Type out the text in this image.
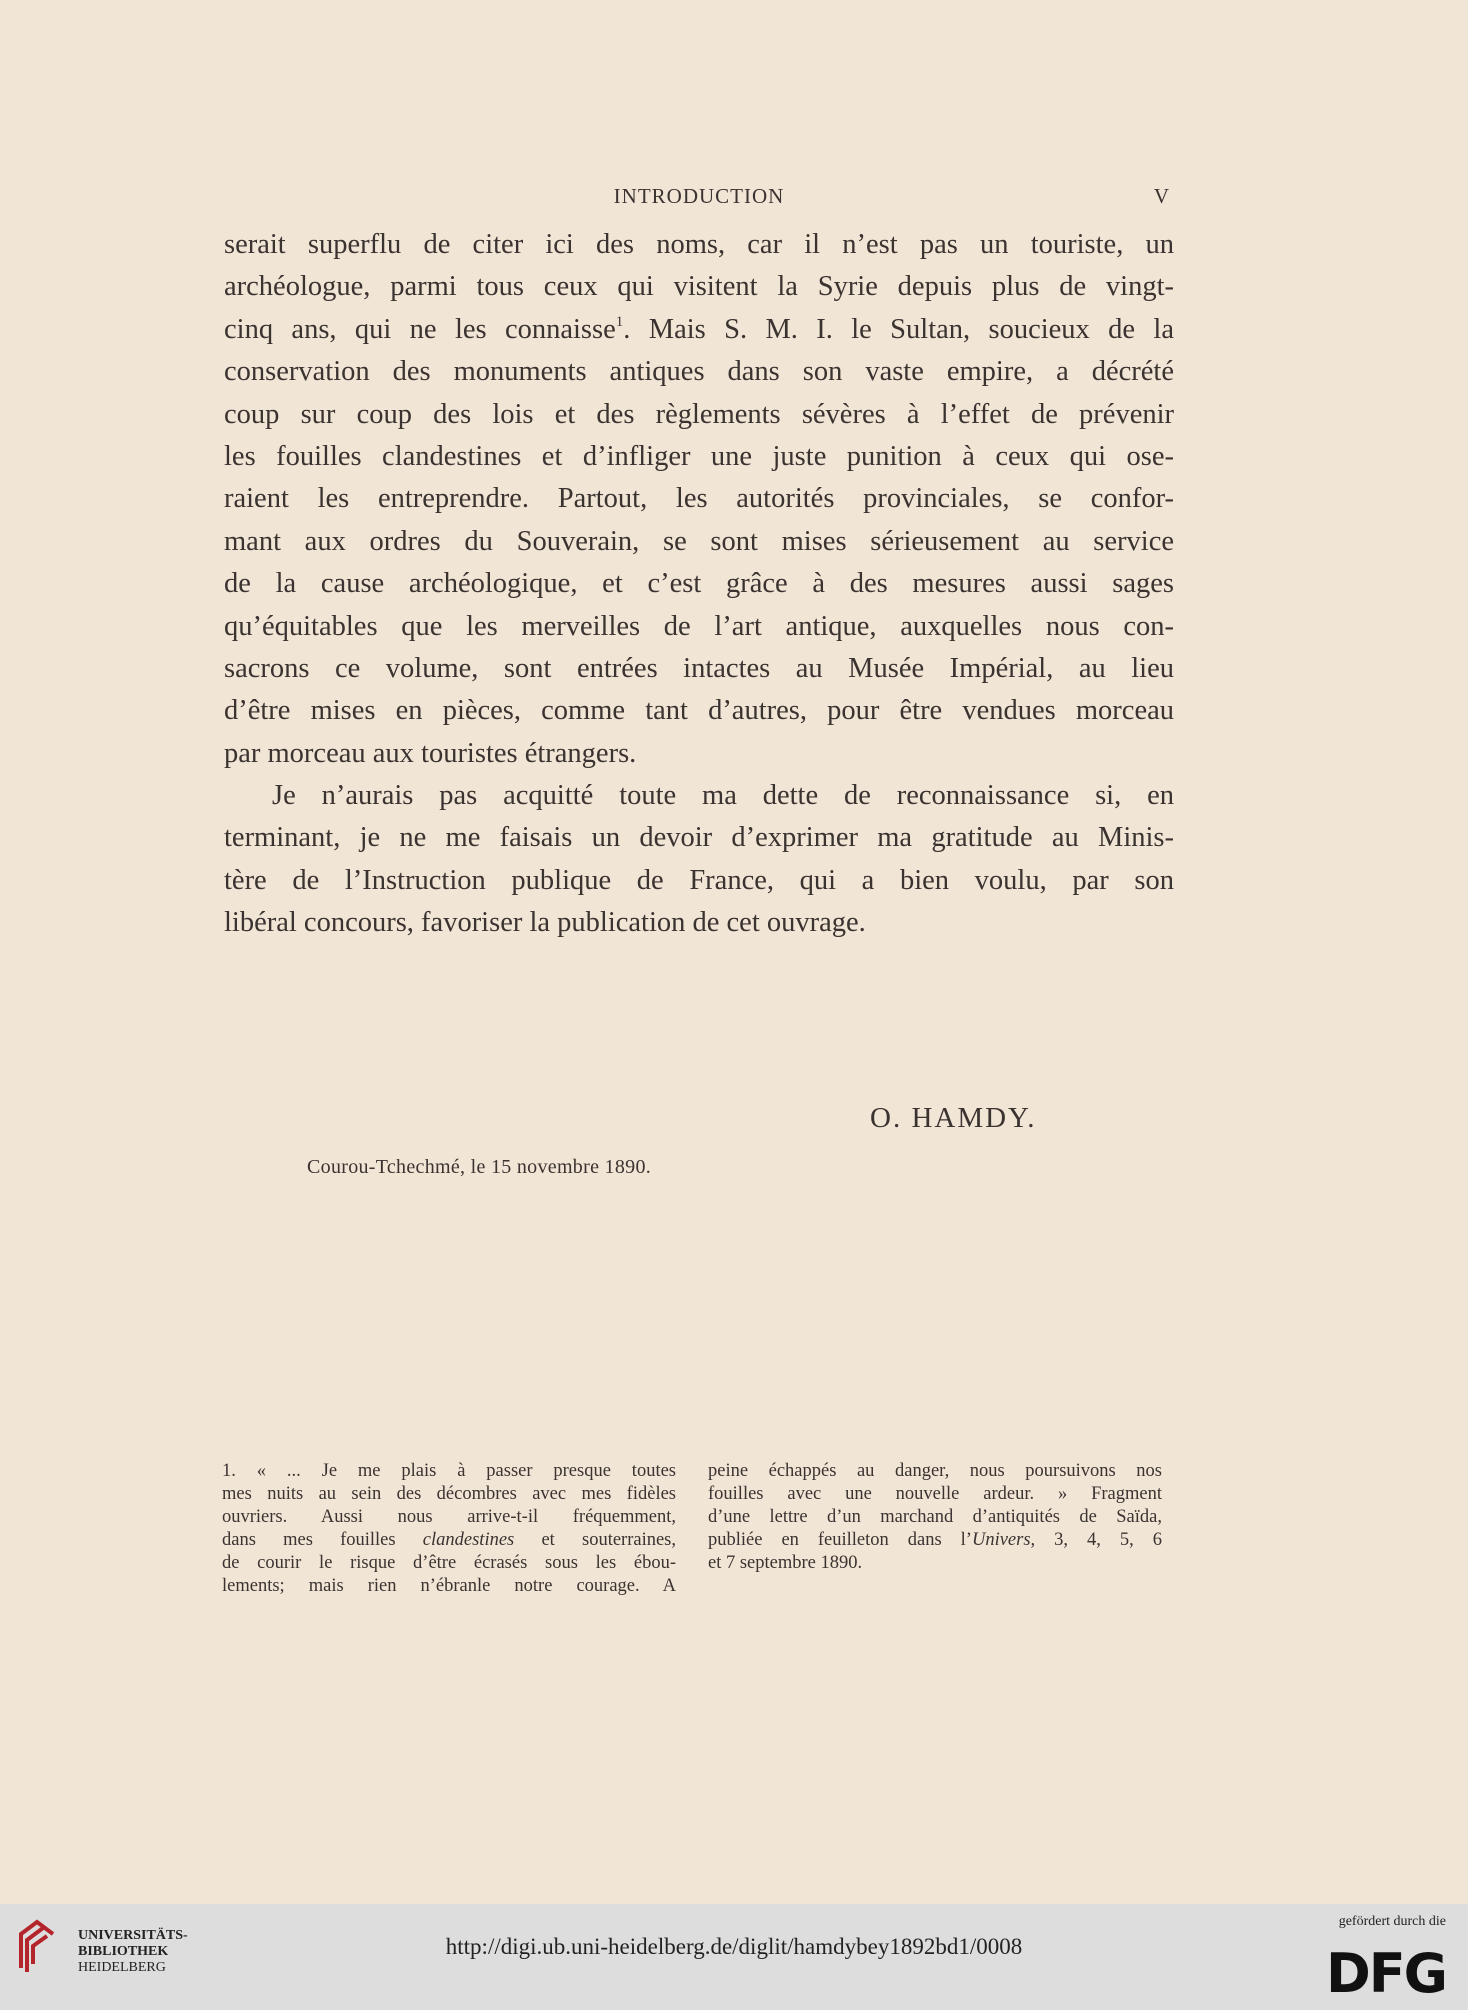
INTRODUCTION	V
serait superflu de citer ici des noms, car il n’est pas un touriste, un
archéologue, parmi tous ceux qui visitent la Syrie depuis plus de vingt-
cinq ans, qui ne les connaisse$^1$. Mais S. M. I. le Sultan, soucieux de la
conservation des monuments antiques dans son vaste empire, a décrété
coup sur coup des lois et des règlements sévères à l’effet de prévenir
les fouilles clandestines et d’infliger une juste punition à ceux qui ose-
raient les entreprendre. Partout, les autorités provinciales, se confor-
mant aux ordres du Souverain, se sont mises sérieusement au service
de la cause archéologique, et c’est grâce à des mesures aussi sages
qu’équitables que les merveilles de l’art antique, auxquelles nous con-
sacrons ce volume, sont entrées intactes au Musée Impérial, au lieu
d’être mises en pièces, comme tant d’autres, pour être vendues morceau
par morceau aux touristes étrangers.
Je n’aurais pas acquitté toute ma dette de reconnaissance si, en
terminant, je ne me faisais un devoir d’exprimer ma gratitude au Minis-
tère de l’Instruction publique de France, qui a bien voulu, par son
libéral concours, favoriser la publication de cet ouvrage.
O. HAMDY.
Courou-Tchechmé, le 15 novembre 1890.
1. « ... Je me plais à passer presque toutes
mes nuits au sein des décombres avec mes fidèles
ouvriers. Aussi nous arrive-t-il fréquemment,
dans mes fouilles clandestines et souterraines,
de courir le risque d’être écrasés sous les ébou-
lements; mais rien n’ébranle notre courage. A
peine échappés au danger, nous poursuivons nos
fouilles avec une nouvelle ardeur. » Fragment
d’une lettre d’un marchand d’antiquités de Saïda,
publiée en feuilleton dans l’Univers, 3, 4, 5, 6
et 7 septembre 1890.
UNIVERSITÄTS-
BIBLIOTHEK
HEIDELBERG
http://digi.ub.uni-heidelberg.de/diglit/hamdybey1892bd1/0008
gefördert durch die
DFG
